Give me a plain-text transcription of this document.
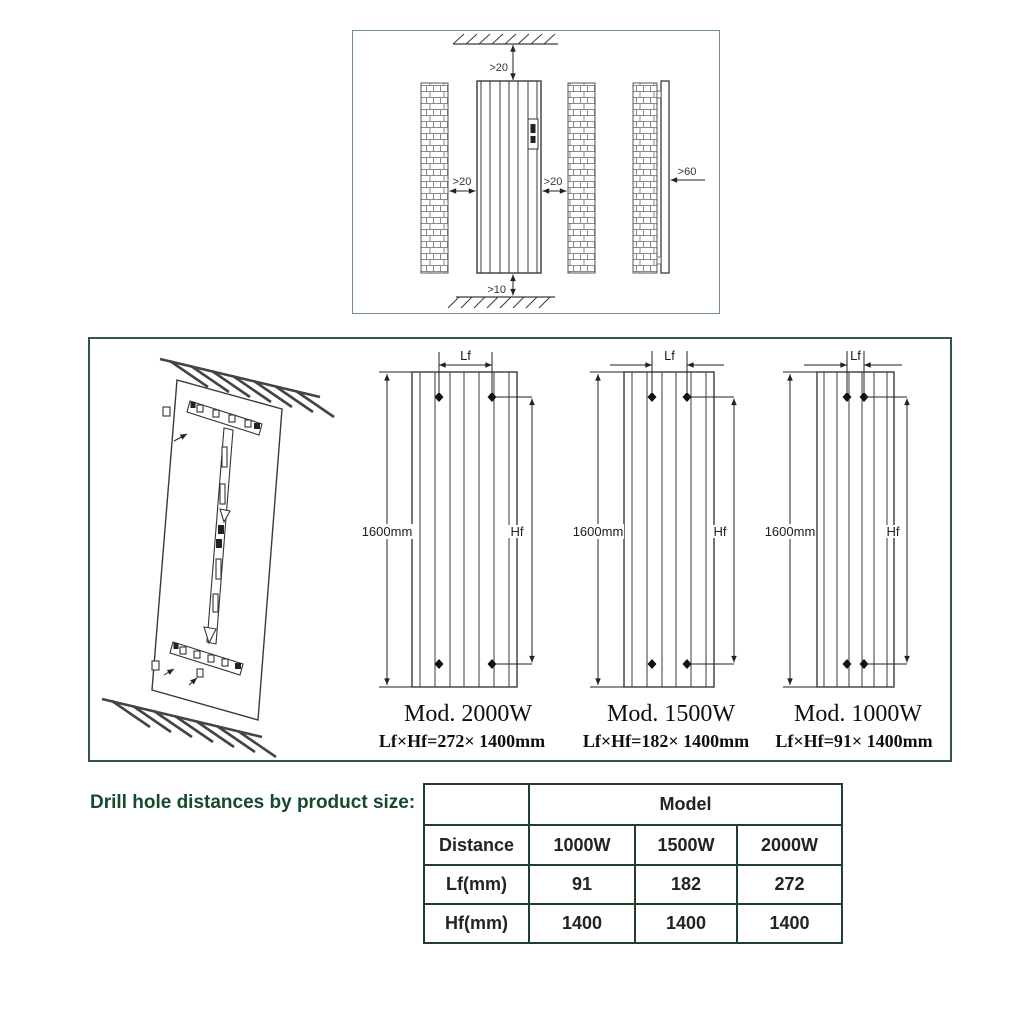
>20
>20	>20
>60
>10
1600mm
Lf
Hf
Mod. 2000W
Lf×Hf=272× 1400mm
1600mm
Lf
Hf
Mod. 1500W
Lf×Hf=182× 1400mm
1600mm
Lf
Hf
Mod. 1000W
Lf×Hf=91× 1400mm
Drill hole distances by product size:
		Model		
Distance	1000W	1500W	2000W
Lf(mm)	91	182	272
Hf(mm)	1400	1400	1400
